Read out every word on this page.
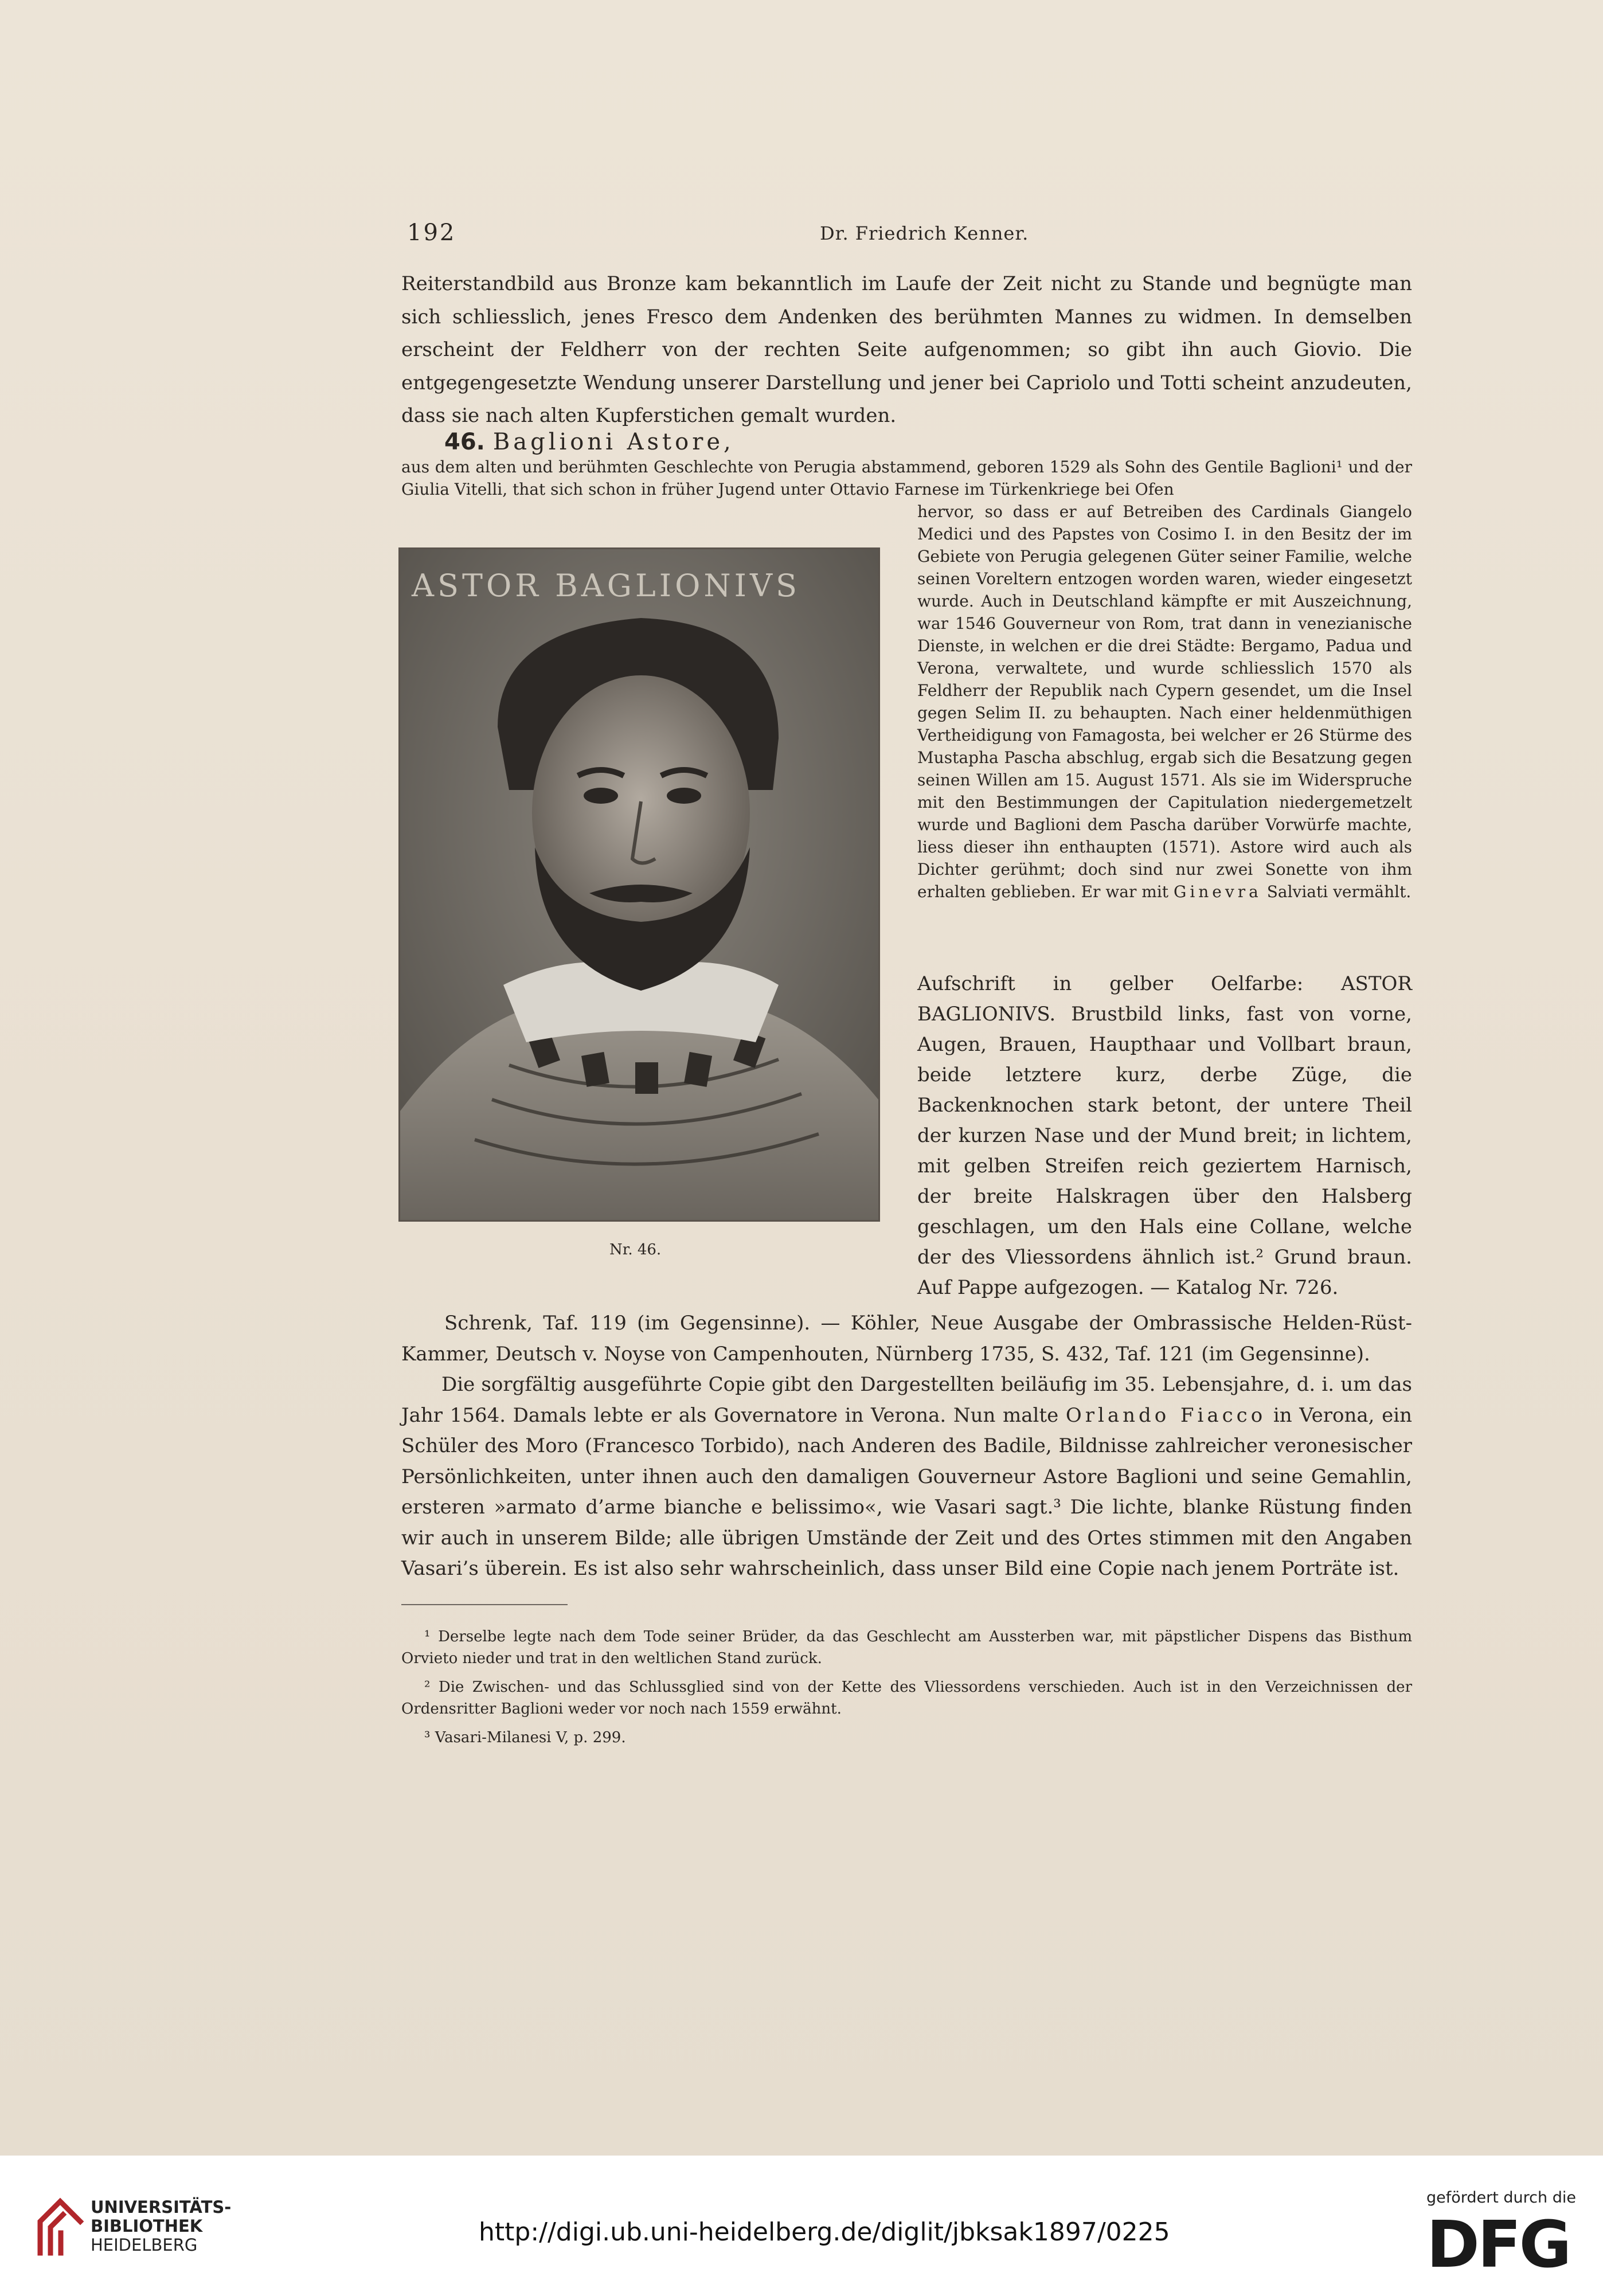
192	Dr. Friedrich Kenner.

Reiterstandbild aus Bronze kam bekanntlich im Laufe der Zeit nicht zu Stande und begnügte man sich schliesslich, jenes Fresco dem Andenken des berühmten Mannes zu widmen. In demselben erscheint der Feldherr von der rechten Seite aufgenommen; so gibt ihn auch Giovio. Die entgegengesetzte Wendung unserer Darstellung und jener bei Capriolo und Totti scheint anzudeuten, dass sie nach alten Kupferstichen gemalt wurden.

46. Baglioni Astore,

aus dem alten und berühmten Geschlechte von Perugia abstammend, geboren 1529 als Sohn des Gentile Baglioni¹ und der Giulia Vitelli, that sich schon in früher Jugend unter Ottavio Farnese im Türkenkriege bei Ofen

hervor, so dass er auf Betreiben des Cardinals Giangelo Medici und des Papstes von Cosimo I. in den Besitz der im Gebiete von Perugia gelegenen Güter seiner Familie, welche seinen Voreltern entzogen worden waren, wieder eingesetzt wurde. Auch in Deutschland kämpfte er mit Auszeichnung, war 1546 Gouverneur von Rom, trat dann in venezianische Dienste, in welchen er die drei Städte: Bergamo, Padua und Verona, verwaltete, und wurde schliesslich 1570 als Feldherr der Republik nach Cypern gesendet, um die Insel gegen Selim II. zu behaupten. Nach einer heldenmüthigen Vertheidigung von Famagosta, bei welcher er 26 Stürme des Mustapha Pascha abschlug, ergab sich die Besatzung gegen seinen Willen am 15. August 1571. Als sie im Widerspruche mit den Bestimmungen der Capitulation niedergemetzelt wurde und Baglioni dem Pascha darüber Vorwürfe machte, liess dieser ihn enthaupten (1571). Astore wird auch als Dichter gerühmt; doch sind nur zwei Sonette von ihm erhalten geblieben. Er war mit Ginevra Salviati vermählt.

ASTOR BAGLIONIVS
Nr. 46.
Aufschrift in gelber Oelfarbe: ASTOR BAGLIONIVS. Brustbild links, fast von vorne, Augen, Brauen, Haupthaar und Vollbart braun, beide letztere kurz, derbe Züge, die Backenknochen stark betont, der untere Theil der kurzen Nase und der Mund breit; in lichtem, mit gelben Streifen reich geziertem Harnisch, der breite Halskragen über den Halsberg geschlagen, um den Hals eine Collane, welche der des Vliessordens ähnlich ist.² Grund braun. Auf Pappe aufgezogen. — Katalog Nr. 726.

Schrenk, Taf. 119 (im Gegensinne). — Köhler, Neue Ausgabe der Ombrassische Helden-Rüst-Kammer, Deutsch v. Noyse von Campenhouten, Nürnberg 1735, S. 432, Taf. 121 (im Gegensinne).

Die sorgfältig ausgeführte Copie gibt den Dargestellten beiläufig im 35. Lebensjahre, d. i. um das Jahr 1564. Damals lebte er als Governatore in Verona. Nun malte Orlando Fiacco in Verona, ein Schüler des Moro (Francesco Torbido), nach Anderen des Badile, Bildnisse zahlreicher veronesischer Persönlichkeiten, unter ihnen auch den damaligen Gouverneur Astore Baglioni und seine Gemahlin, ersteren »armato d’arme bianche e belissimo«, wie Vasari sagt.³ Die lichte, blanke Rüstung finden wir auch in unserem Bilde; alle übrigen Umstände der Zeit und des Ortes stimmen mit den Angaben Vasari’s überein. Es ist also sehr wahrscheinlich, dass unser Bild eine Copie nach jenem Porträte ist.

¹ Derselbe legte nach dem Tode seiner Brüder, da das Geschlecht am Aussterben war, mit päpstlicher Dispens das Bisthum Orvieto nieder und trat in den weltlichen Stand zurück.

² Die Zwischen- und das Schlussglied sind von der Kette des Vliessordens verschieden. Auch ist in den Verzeichnissen der Ordensritter Baglioni weder vor noch nach 1559 erwähnt.

³ Vasari-Milanesi V, p. 299.

UNIVERSITÄTS-
BIBLIOTHEK
HEIDELBERG	http://digi.ub.uni-heidelberg.de/diglit/jbksak1897/0225
gefördert durch die
DFG
